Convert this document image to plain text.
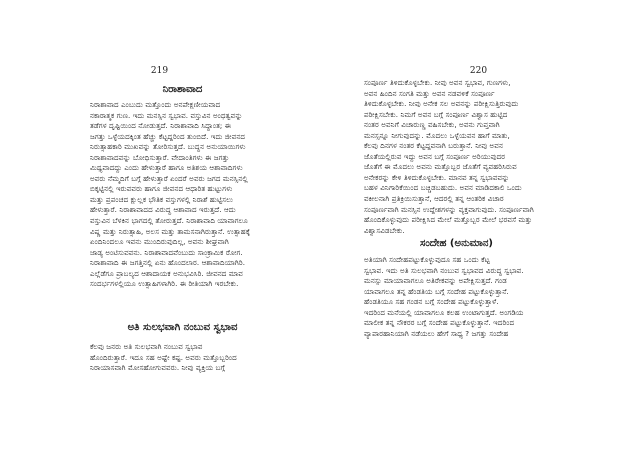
219
ನಿರಾಶಾವಾದ
ನಿರಾಶಾವಾದ ಎಂಬುದು ಮತ್ತೊಂದು ಅನಪೇಕ್ಷಣೀಯವಾದ
ನಕಾರಾತ್ಮಕ ಗುಣ. ಇದು ಮನಸ್ಸಿನ ಸ್ವಭಾವ. ವಸ್ತುವಿನ ಅಂಧತ್ವವನ್ನು
ತಡೆಗಳ ದೃಷ್ಟಿಯಿಂದ ನೋಡುತ್ತದೆ. ನಿರಾಶಾವಾದಿ ಸಿದ್ಧಾಂತ; ಈ
ಜಗತ್ತು ಒಳ್ಳೆಯದಕ್ಕಿಂತ ಹೆಚ್ಚು ಕೆಟ್ಟದ್ದರಿಂದ ತುಂಬಿದೆ. ಇದು ಜೀವನದ
ನಿರುತ್ಸಾಹಕಾರಿ ಮುಖವನ್ನು ತೋರಿಸುತ್ತದೆ. ಬುದ್ಧನ ಅನುಯಾಯಿಗಳು
ನಿರಾಶಾವಾದವನ್ನು ಬೋಧಿಸುತ್ತಾರೆ. ವೇದಾಂತಿಗಳು ಈ ಜಗತ್ತು
ಮಿಥ್ಯವಾದದ್ದು ಎಂದು ಹೇಳುತ್ತಾರೆ ಹಾಗೂ ಅತಿಶಯ ಆಶಾವಾದಿಗಳು
ಅವರು ನೆಮ್ಮದಿಗೆ ಬಗ್ಗೆ ಹೇಳುತ್ತಾರೆ ಏಂದರೆ ಅವರು ಜಗದ ಮನಸ್ಸಿನಲ್ಲಿ
ಬಿಕ್ಕಟ್ಟಿನಲ್ಲಿ ಇರುವವರು ಹಾಗೂ ಜೀವನದ ಆಧಾರಿತ ಹುಟ್ಟುಗಳು
ಮತ್ತು ಪ್ರಪಂಚದ ಕ್ಷುಲ್ಲಕ ಭೌತಿಕ ವಸ್ತುಗಳಲ್ಲಿ ನಿರಾಶೆ ಹುಟ್ಟಿಸಲು
ಹೇಳುತ್ತಾರೆ. ನಿರಾಶಾವಾದದ ವಿರುದ್ಧ ಆಶಾವಾದ ಇರುತ್ತದೆ. ಆದು
ವಸ್ತುವಿನ ಬೆಳಕಿನ ಭಾಗದಲ್ಲಿ ತೋರುತ್ತದೆ. ನಿರಾಶಾವಾದಿ ಯಾವಾಗಲೂ
ವಿಷ್ಣ ಮತ್ತು ನಿರುತ್ಸಾಹಿ, ಅಲಸ ಮತ್ತು ತಾಮಸನಾಗಿರುತ್ತಾನೆ. ಉತ್ಸಾಹಕ್ಕೆ
ಏಂದಿನಿಂದಲೂ ಇವನು ಮುಂದಿರುವುದಿಲ್ಲ, ಅವನು ಶೀಘ್ರವಾಗಿ
ಜಾಡ್ಯ ಅಂಟಿಸುವವನು. ನಿರಾಶಾವಾದವೆಂಬುದು ಸಾಂಕ್ರಾಮಿಕ ರೋಗ.
ನಿರಾಶಾವಾದಿ ಈ ಜಗತ್ತಿನಲ್ಲಿ ಏನು ಹೊಂದಲಾರ. ಆಶಾವಾದಿಯಾಗಿರಿ.
ಎಲ್ಲೆಡೆಗೂ ಪ್ರಾಬಲ್ಯದ ಆಶಾದಾಯಕ ಅನುಭವಿಸಿರಿ. ಜೀವನದ ಮಾವ
ಸಂದರ್ಭಗಳಲ್ಲಿಯೂ ಉತ್ಸಾಹಿಗಳಾಗಿರಿ. ಈ ರೀತಿಯಾಗಿ ಇರಬೇಕು.
ಅತಿ ಸುಲಭವಾಗಿ ನಂಬುವ ಸ್ವಭಾವ
ಕೆಲವು ಜನರು ಅತಿ ಸುಲಭವಾಗಿ ನಂಬುವ ಸ್ವಭಾವ
ಹೊಂದಿರುತ್ತಾರೆ. ಇದೂ ಸಹ ಅಷ್ಟೇ ಕಷ್ಟ. ಅವರು ಮತ್ತೊಬ್ಬರಿಂದ
ನಿರಾಯಾಸವಾಗಿ ಮೋಸಹೋಗುವವರು. ನೀವು ವ್ಯಕ್ತಿಯ ಬಗ್ಗೆ
220
ಸಂಪೂರ್ಣ ತಿಳಿದುಕೊಳ್ಳಬೇಕು. ನೀವು ಅವನ ಸ್ವಭಾವ, ಗುಣಗಳು,
ಅವನ ಹಿಂದಿನ ಸಂಗತಿ ಮತ್ತು ಅವನ ನಡವಳಿಕೆ ಸಂಪೂರ್ಣ
ತಿಳಿದುಕೊಳ್ಳಬೇಕು. ನೀವು ಅನೇಕ ಸಲ ಅವನನ್ನು ಪರೀಕ್ಷಿಸುತ್ತಿರುವುದು
ಪರೀಕ್ಷಿಸಬೇಕು. ನಿಮಗೆ ಅವನ ಬಗ್ಗೆ ಸಂಪೂರ್ಣ ವಿಶ್ವಾಸ ಹುಟ್ಟಿದ
ನಂತರ ಅವನಿಗೆ ವಿಚಾರುಣ್ಣ ವಹಿಸಬೇಕು, ಅವನು ಗುಪ್ತವಾಗಿ
ಮನಸ್ಸನ್ನೂ ನೀಗುವುದನ್ನು. ಮೊದಲು ಒಳ್ಳೆಯವನ ಹಾಗೆ ಮಾತು,
ಕೆಲವು ದಿನಗಳ ನಂತರ ಕೆಟ್ಟದ್ದವನಾಗಿ ಬರುತ್ತಾನೆ. ನೀವು ಅವನ
ಜೊತೆಯಲ್ಲಿರುವ ಇದ್ದು ಅವನ ಬಗ್ಗೆ ಸಂಪೂರ್ಣ ಅರಿಯುವುದರ
ಜೊತೆಗೆ ಈ ಮೊದಲು ಅವನು ಮತ್ತೊಬ್ಬರ ಜೊತೆಗೆ ವ್ಯವಹರಿಸಿರುವ
ಅನೇಕರನ್ನು ಕೇಳಿ ತಿಳಿದುಕೊಳ್ಳಬೇಕು. ಮಾನವ ತನ್ನ ಸ್ವಭಾವವನ್ನು
ಬಹಳ ವಿನಿಗಾರಿಕೆಯಿಂದ ಬಚ್ಚಿಡಬಹುದು. ಅವನ ಮಾಡಿದಕಾಲಿ ಒಂದು
ವಕೀಲನಾಗಿ ಪ್ರತಿಕ್ರಿಯಿಸುತ್ತಾನೆ, ಆದರಲ್ಲಿ ತನ್ನ ಆಂತರಿಕ ವಿಚಾರ
ಸಂಪೂರ್ಣವಾಗಿ ಮನಸ್ಸಿನ ಉದ್ದೇಶಗಳನ್ನು ವ್ಯಕ್ತವಾಗುವುದು. ಸಂಪೂರ್ಣವಾಗಿ
ಹೊಂದಿಕೊಳ್ಳುವುದು ಪರೀಕ್ಷಿಸಿದ ಮೇಲೆ ಮತ್ತೊಬ್ಬರ ಮೇಲೆ ಭರವಸೆ ಮತ್ತು
ವಿಶ್ವಾಸವಿಡಬೇಕು.
ಸಂದೇಹ (ಅನುಮಾನ)
ಅತಿಯಾಗಿ ಸಂದೇಹಪಟ್ಟುಕೊಳ್ಳುವುದೂ ಸಹ ಒಂದು ಕೆಟ್ಟ
ಸ್ವಭಾವ. ಇದು ಅತಿ ಸುಲಭವಾಗಿ ನಂಬುವ ಸ್ವಭಾವದ ವಿರುದ್ಧ ಸ್ವಭಾವ.
ಮನಸ್ಸು ಮಾಯಾವಾಗಲೂ ಅತಿರೇಕವನ್ನು ಅಪೇಕ್ಷಿಸುತ್ತದೆ. ಗಂಡ
ಯಾವಾಗಲೂ ತನ್ನ ಹೆಂಡತಿಯ ಬಗ್ಗೆ ಸಂದೇಹ ಪಟ್ಟುಕೊಳ್ಳುತ್ತಾನೆ.
ಹೆಂಡತಿಯೂ ಸಹ ಗಂಡನ ಬಗ್ಗೆ ಸಂದೇಹ ಪಟ್ಟುಕೊಳ್ಳುತ್ತಾಳೆ.
ಇದರಿಂದ ಮನೆಯಲ್ಲಿ ಯಾವಾಗಲೂ ಕಲಹ ಉಂಟಾಗುತ್ತದೆ. ಅಂಗಡಿಯ
ಮಾಲೀಕ ತನ್ನ ನೌಕರರ ಬಗ್ಗೆ ಸಂದೇಹ ಪಟ್ಟುಕೊಳ್ಳುತ್ತಾನೆ. ಇದರಿಂದ
ವ್ಯಾಪಾರಹಾನಿಯಾಗಿ ನಡೆಯಲು ಹೇಗೆ ಸಾಧ್ಯ ? ಜಗತ್ತು ಸಂದೇಹ
